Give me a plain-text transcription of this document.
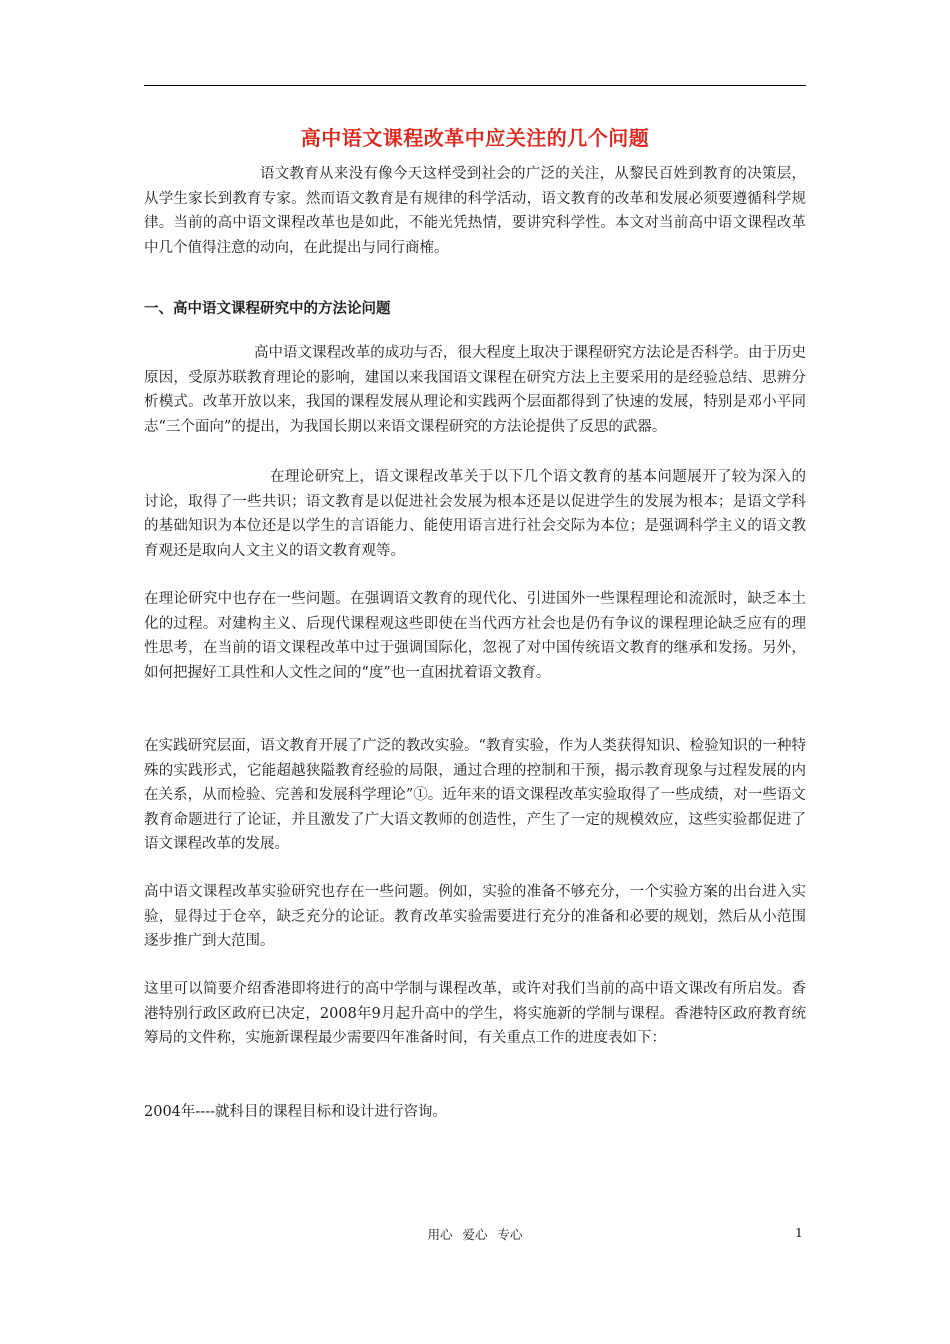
高中语文课程改革中应关注的几个问题

语文教育从来没有像今天这样受到社会的广泛的关注，从黎民百姓到教育的决策层，从学生家长到教育专家。然而语文教育是有规律的科学活动，语文教育的改革和发展必须要遵循科学规律。当前的高中语文课程改革也是如此，不能光凭热情，要讲究科学性。本文对当前高中语文课程改革中几个值得注意的动向，在此提出与同行商榷。

一、高中语文课程研究中的方法论问题

高中语文课程改革的成功与否，很大程度上取决于课程研究方法论是否科学。由于历史原因，受原苏联教育理论的影响，建国以来我国语文课程在研究方法上主要采用的是经验总结、思辨分析模式。改革开放以来，我国的课程发展从理论和实践两个层面都得到了快速的发展，特别是邓小平同志“三个面向”的提出，为我国长期以来语文课程研究的方法论提供了反思的武器。

在理论研究上，语文课程改革关于以下几个语文教育的基本问题展开了较为深入的讨论，取得了一些共识；语文教育是以促进社会发展为根本还是以促进学生的发展为根本；是语文学科的基础知识为本位还是以学生的言语能力、能使用语言进行社会交际为本位；是强调科学主义的语文教育观还是取向人文主义的语文教育观等。

在理论研究中也存在一些问题。在强调语文教育的现代化、引进国外一些课程理论和流派时，缺乏本土化的过程。对建构主义、后现代课程观这些即使在当代西方社会也是仍有争议的课程理论缺乏应有的理性思考，在当前的语文课程改革中过于强调国际化，忽视了对中国传统语文教育的继承和发扬。另外，如何把握好工具性和人文性之间的“度”也一直困扰着语文教育。

在实践研究层面，语文教育开展了广泛的教改实验。“教育实验，作为人类获得知识、检验知识的一种特殊的实践形式，它能超越狭隘教育经验的局限，通过合理的控制和干预，揭示教育现象与过程发展的内在关系，从而检验、完善和发展科学理论”①。近年来的语文课程改革实验取得了一些成绩，对一些语文教育命题进行了论证，并且激发了广大语文教师的创造性，产生了一定的规模效应，这些实验都促进了语文课程改革的发展。

高中语文课程改革实验研究也存在一些问题。例如，实验的准备不够充分，一个实验方案的出台进入实验，显得过于仓卒，缺乏充分的论证。教育改革实验需要进行充分的准备和必要的规划，然后从小范围逐步推广到大范围。

这里可以简要介绍香港即将进行的高中学制与课程改革，或许对我们当前的高中语文课改有所启发。香港特别行政区政府已决定，2008年9月起升高中的学生，将实施新的学制与课程。香港特区政府教育统筹局的文件称，实施新课程最少需要四年准备时间，有关重点工作的进度表如下：

2004年----就科目的课程目标和设计进行咨询。

用心 爱心 专心	1
